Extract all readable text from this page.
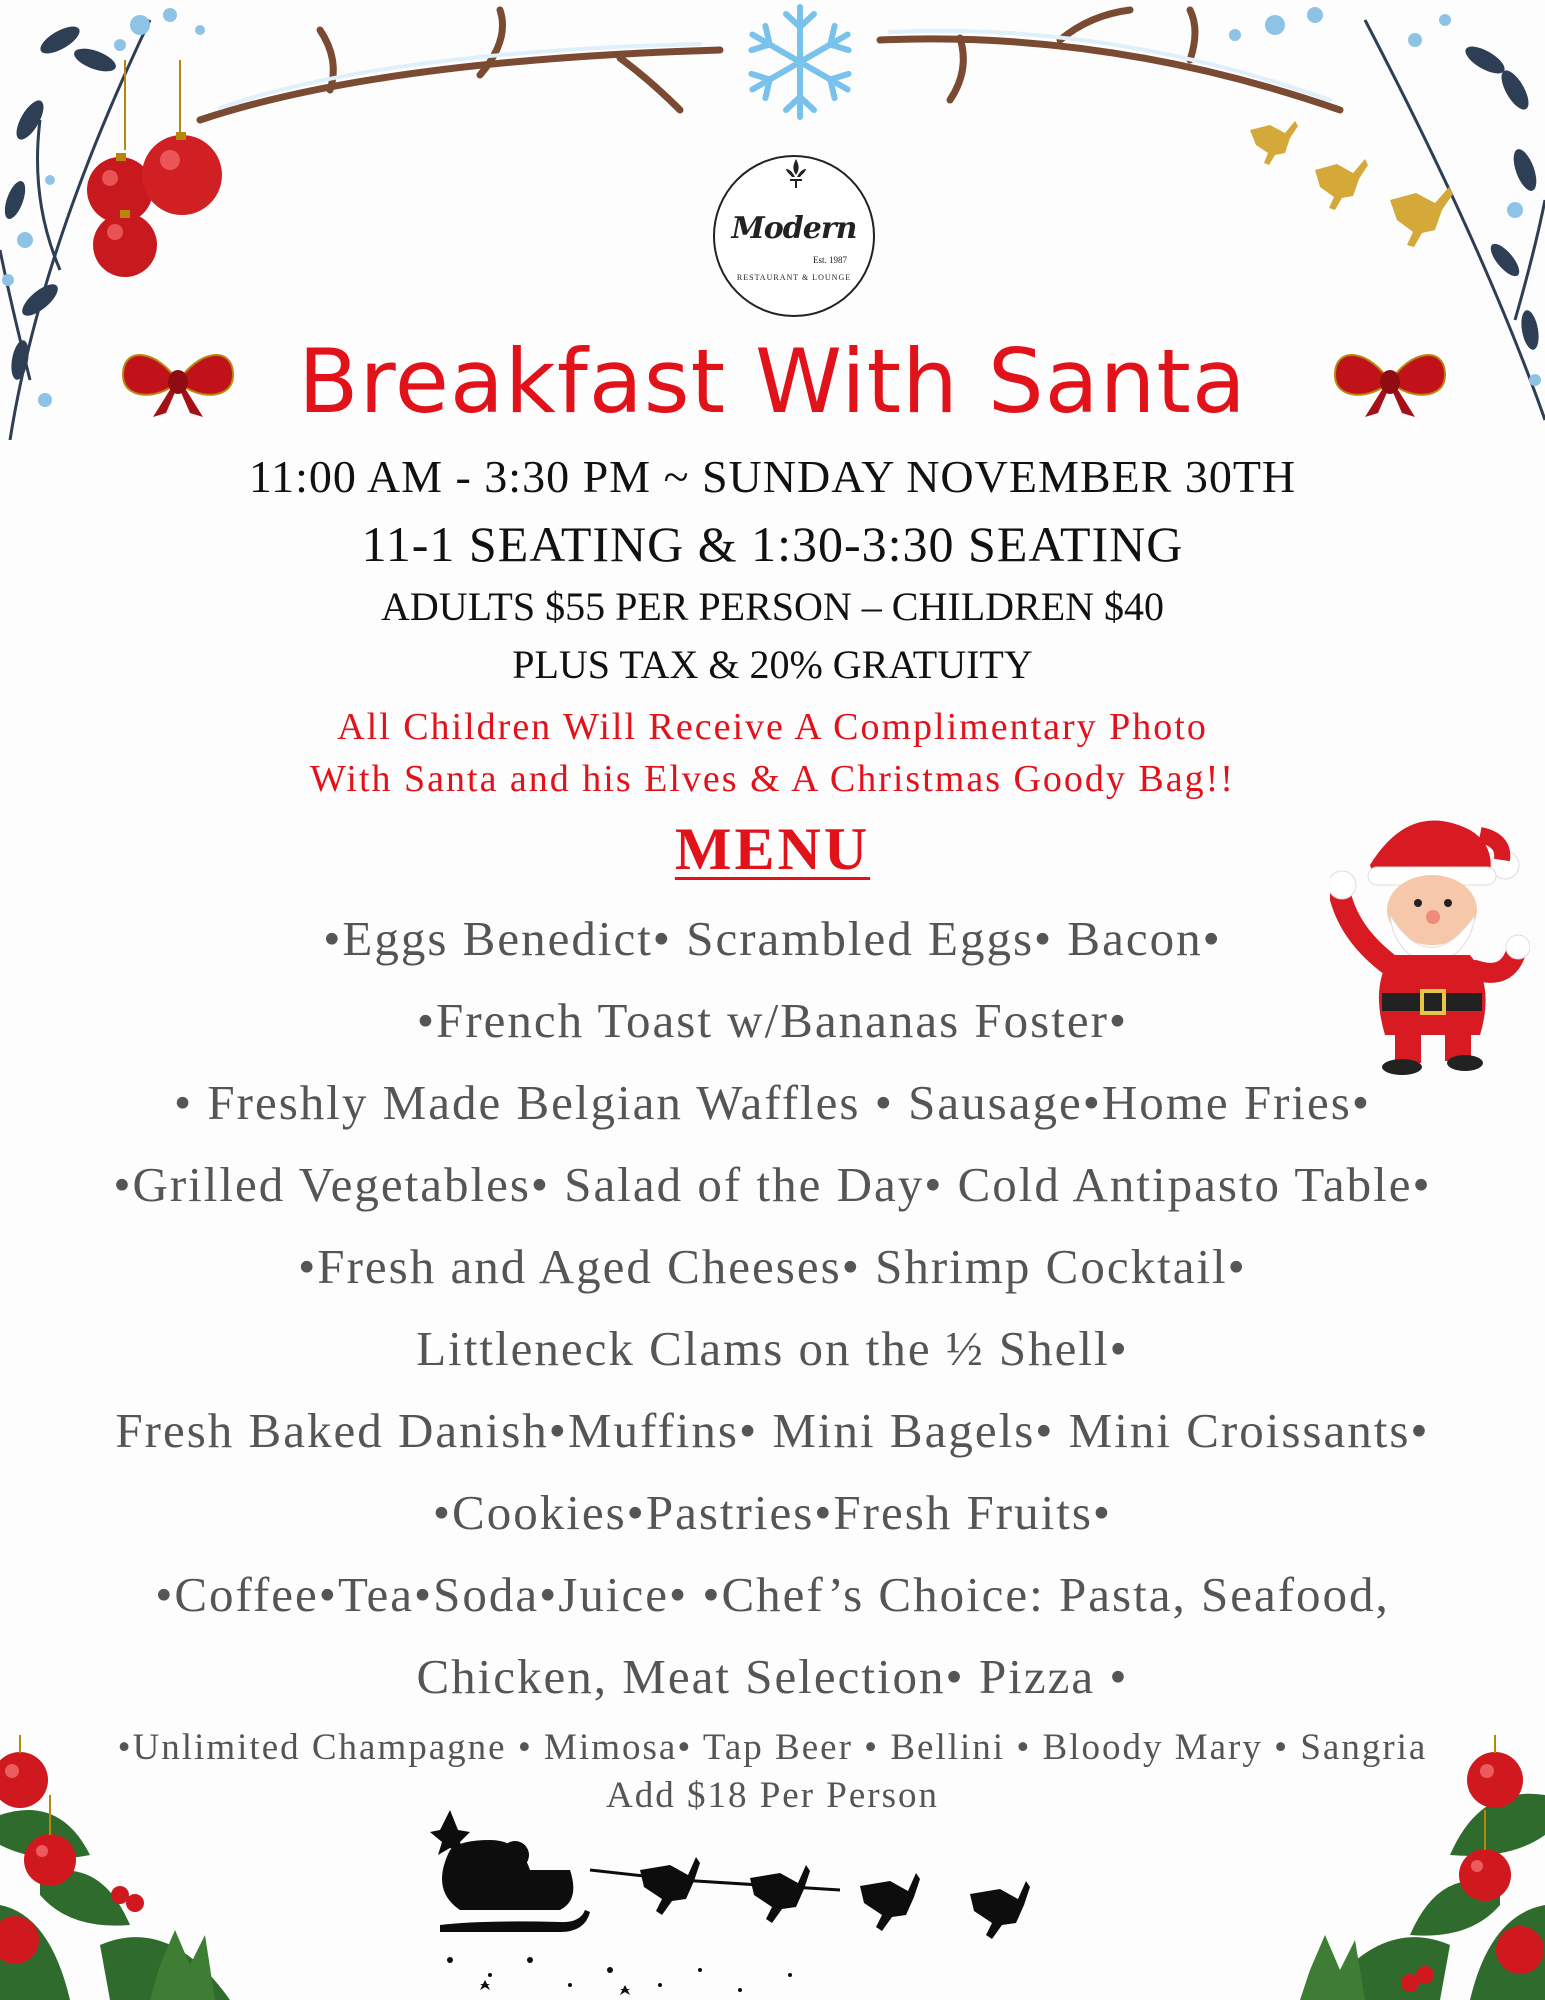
Modern
Est. 1987
RESTAURANT & LOUNGE
Breakfast With Santa
11:00 AM - 3:30 PM ~ SUNDAY NOVEMBER 30TH
11-1 SEATING & 1:30-3:30 SEATING
ADULTS $55 PER PERSON – CHILDREN $40
PLUS TAX & 20% GRATUITY
All Children Will Receive A Complimentary Photo
With Santa and his Elves & A Christmas Goody Bag!!
MENU
•Eggs Benedict• Scrambled Eggs• Bacon•
•French Toast w/Bananas Foster•
• Freshly Made Belgian Waffles • Sausage•Home Fries•
•Grilled Vegetables• Salad of the Day• Cold Antipasto Table•
•Fresh and Aged Cheeses• Shrimp Cocktail•
Littleneck Clams on the ½ Shell•
Fresh Baked Danish•Muffins• Mini Bagels• Mini Croissants•
•Cookies•Pastries•Fresh Fruits•
•Coffee•Tea•Soda•Juice• •Chef’s Choice: Pasta, Seafood,
Chicken, Meat Selection• Pizza •
•Unlimited Champagne • Mimosa• Tap Beer • Bellini • Bloody Mary • Sangria
Add $18 Per Person
